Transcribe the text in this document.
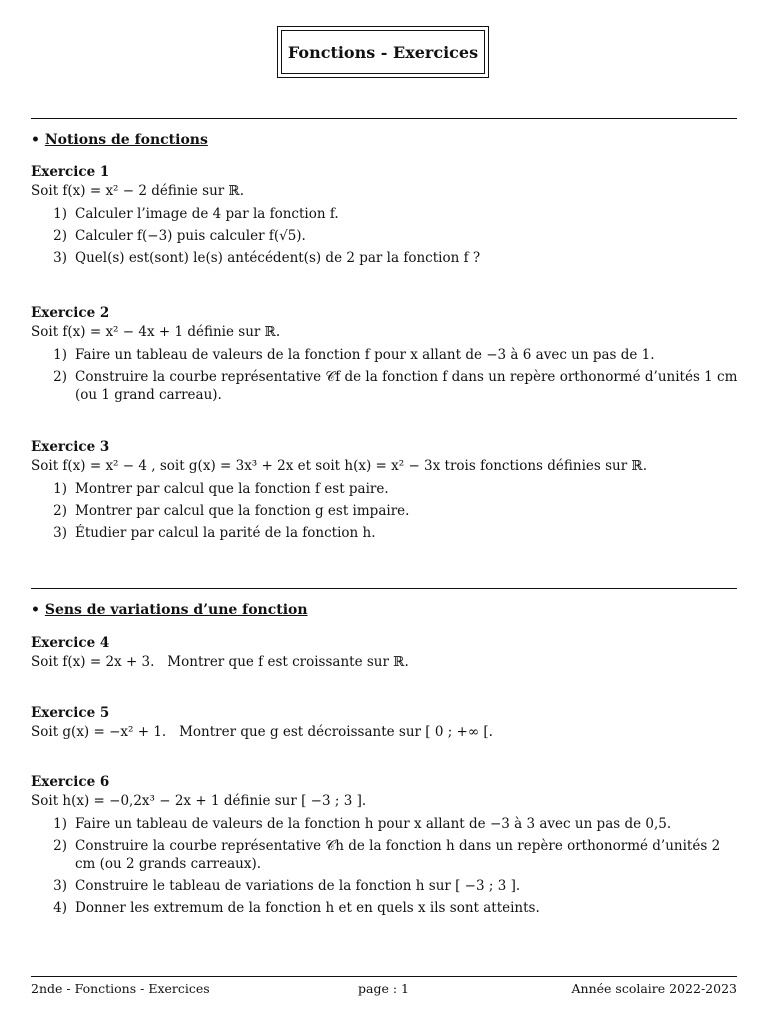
Fonctions - Exercices
• Notions de fonctions
Exercice 1
Soit f(x) = x² − 2 définie sur ℝ.
1) Calculer l’image de 4 par la fonction f.
2) Calculer f(−3) puis calculer f(√5).
3) Quel(s) est(sont) le(s) antécédent(s) de 2 par la fonction f ?
Exercice 2
Soit f(x) = x² − 4x + 1 définie sur ℝ.
1) Faire un tableau de valeurs de la fonction f pour x allant de −3 à 6 avec un pas de 1.
2) Construire la courbe représentative 𝒞f de la fonction f dans un repère orthonormé d’unités 1 cm (ou 1 grand carreau).
Exercice 3
Soit f(x) = x² − 4 , soit g(x) = 3x³ + 2x et soit h(x) = x² − 3x trois fonctions définies sur ℝ.
1) Montrer par calcul que la fonction f est paire.
2) Montrer par calcul que la fonction g est impaire.
3) Étudier par calcul la parité de la fonction h.
• Sens de variations d’une fonction
Exercice 4
Soit f(x) = 2x + 3.   Montrer que f est croissante sur ℝ.
Exercice 5
Soit g(x) = −x² + 1.   Montrer que g est décroissante sur [ 0 ; +∞ [.
Exercice 6
Soit h(x) = −0,2x³ − 2x + 1 définie sur [ −3 ; 3 ].
1) Faire un tableau de valeurs de la fonction h pour x allant de −3 à 3 avec un pas de 0,5.
2) Construire la courbe représentative 𝒞h de la fonction h dans un repère orthonormé d’unités 2 cm (ou 2 grands carreaux).
3) Construire le tableau de variations de la fonction h sur [ −3 ; 3 ].
4) Donner les extremum de la fonction h et en quels x ils sont atteints.
2nde - Fonctions - Exercices	page : 1	Année scolaire 2022-2023
